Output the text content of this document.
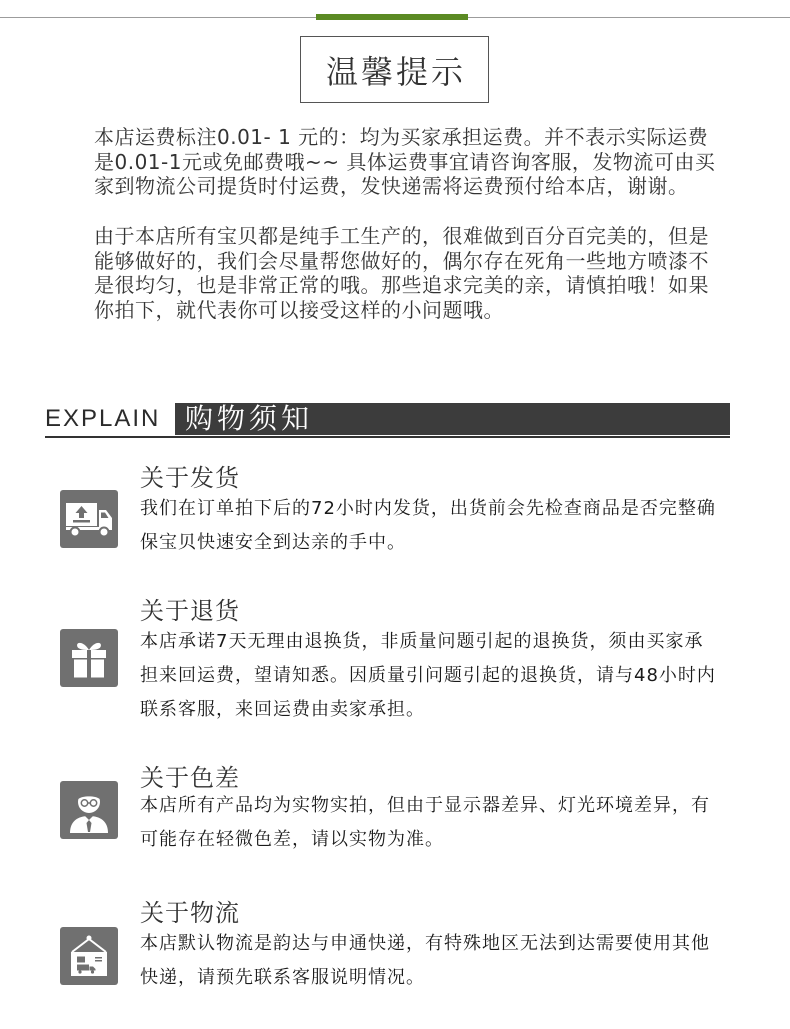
温馨提示
本店运费标注0.01- 1 元的：均为买家承担运费。并不表示实际运费
是0.01-1元或免邮费哦~~ 具体运费事宜请咨询客服，发物流可由买
家到物流公司提货时付运费，发快递需将运费预付给本店，谢谢。
由于本店所有宝贝都是纯手工生产的，很难做到百分百完美的，但是
能够做好的，我们会尽量帮您做好的，偶尔存在死角一些地方喷漆不
是很均匀，也是非常正常的哦。那些追求完美的亲，请慎拍哦！如果
你拍下，就代表你可以接受这样的小问题哦。
EXPLAIN 购物须知
关于发货
我们在订单拍下后的72小时内发货，出货前会先检查商品是否完整确
保宝贝快速安全到达亲的手中。
关于退货
本店承诺7天无理由退换货，非质量问题引起的退换货，须由买家承
担来回运费，望请知悉。因质量引问题引起的退换货，请与48小时内
联系客服，来回运费由卖家承担。
关于色差
本店所有产品均为实物实拍，但由于显示器差异、灯光环境差异，有
可能存在轻微色差，请以实物为准。
关于物流
本店默认物流是韵达与申通快递，有特殊地区无法到达需要使用其他
快递，请预先联系客服说明情况。
